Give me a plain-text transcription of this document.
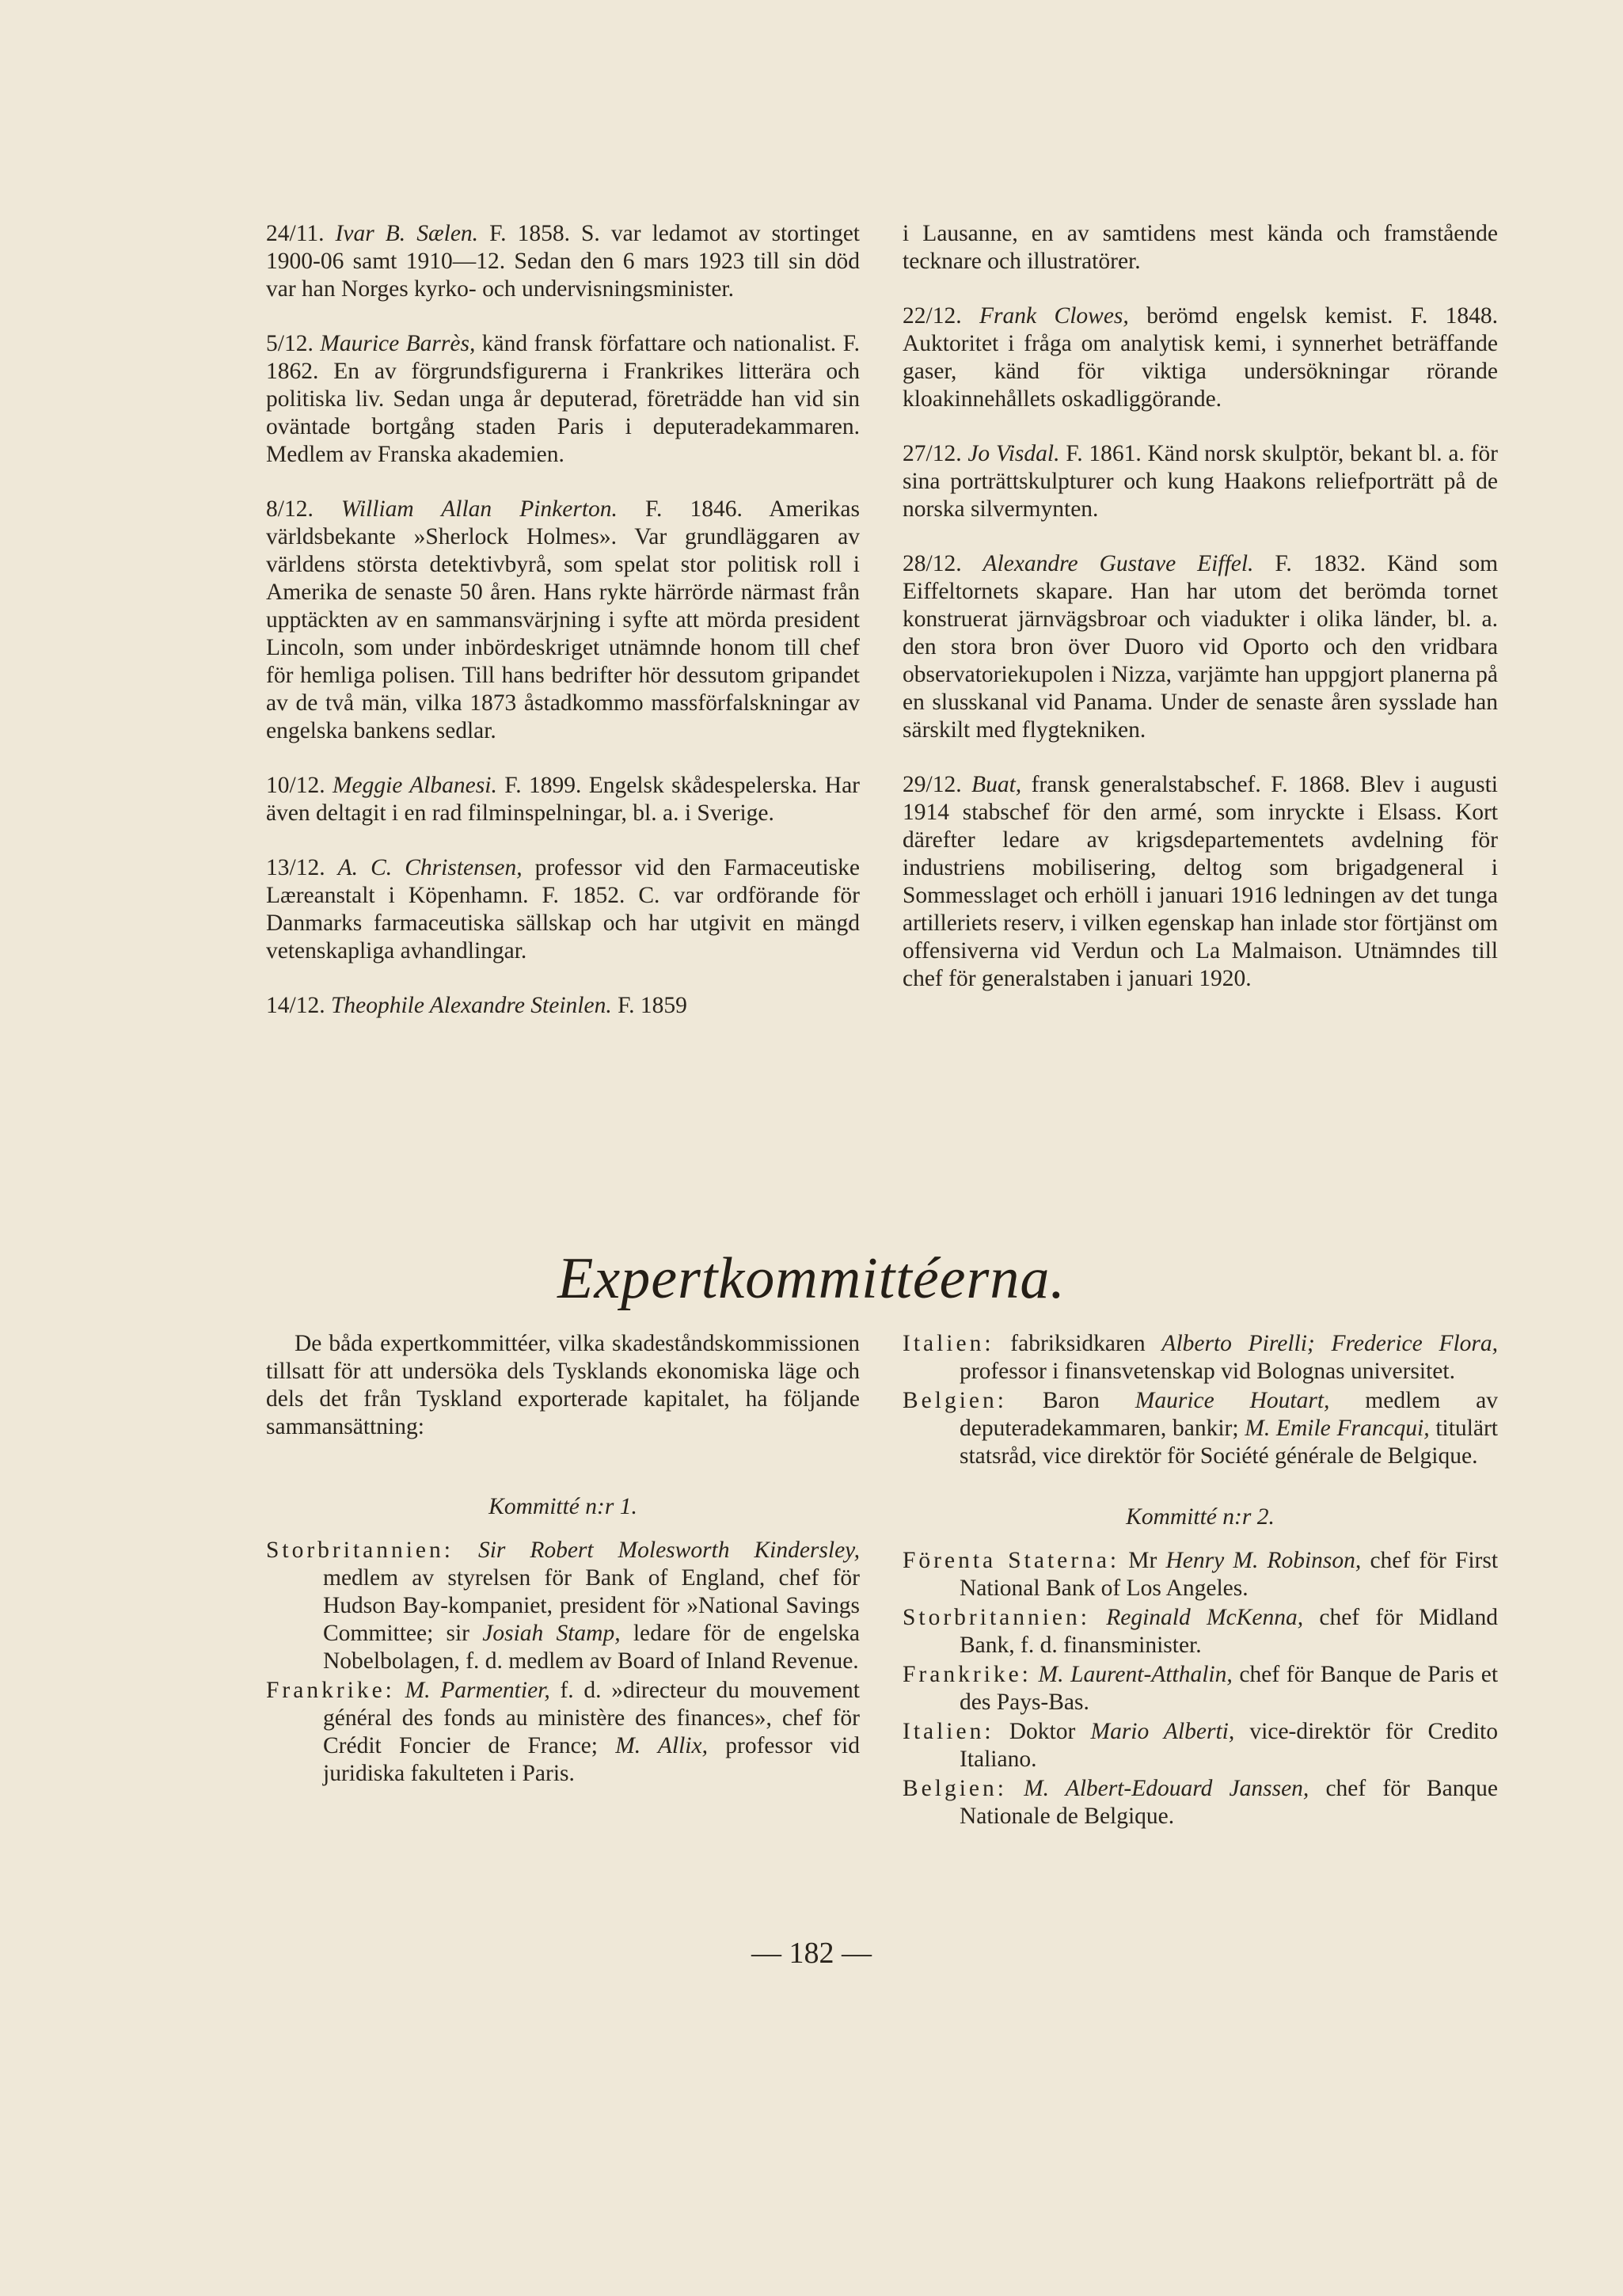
24/11. Ivar B. Sælen. F. 1858. S. var ledamot av stortinget 1900-06 samt 1910—12. Sedan den 6 mars 1923 till sin död var han Norges kyrko- och undervisningsminister.

5/12. Maurice Barrès, känd fransk författare och nationalist. F. 1862. En av förgrundsfigurerna i Frankrikes litterära och politiska liv. Sedan unga år deputerad, företrädde han vid sin oväntade bortgång staden Paris i deputeradekammaren. Medlem av Franska akademien.

8/12. William Allan Pinkerton. F. 1846. Amerikas världsbekante »Sherlock Holmes». Var grundläggaren av världens största detektivbyrå, som spelat stor politisk roll i Amerika de senaste 50 åren. Hans rykte härrörde närmast från upptäckten av en sammansvärjning i syfte att mörda president Lincoln, som under inbördeskriget utnämnde honom till chef för hemliga polisen. Till hans bedrifter hör dessutom gripandet av de två män, vilka 1873 åstadkommo massförfalskningar av engelska bankens sedlar.

10/12. Meggie Albanesi. F. 1899. Engelsk skådespelerska. Har även deltagit i en rad filminspelningar, bl. a. i Sverige.

13/12. A. C. Christensen, professor vid den Farmaceutiske Læreanstalt i Köpenhamn. F. 1852. C. var ordförande för Danmarks farmaceutiska sällskap och har utgivit en mängd vetenskapliga avhandlingar.

14/12. Theophile Alexandre Steinlen. F. 1859

i Lausanne, en av samtidens mest kända och framstående tecknare och illustratörer.

22/12. Frank Clowes, berömd engelsk kemist. F. 1848. Auktoritet i fråga om analytisk kemi, i synnerhet beträffande gaser, känd för viktiga undersökningar rörande kloakinnehållets oskadliggörande.

27/12. Jo Visdal. F. 1861. Känd norsk skulptör, bekant bl. a. för sina porträttskulpturer och kung Haakons reliefporträtt på de norska silvermynten.

28/12. Alexandre Gustave Eiffel. F. 1832. Känd som Eiffeltornets skapare. Han har utom det berömda tornet konstruerat järnvägsbroar och viadukter i olika länder, bl. a. den stora bron över Duoro vid Oporto och den vridbara observatoriekupolen i Nizza, varjämte han uppgjort planerna på en slusskanal vid Panama. Under de senaste åren sysslade han särskilt med flygtekniken.

29/12. Buat, fransk generalstabschef. F. 1868. Blev i augusti 1914 stabschef för den armé, som inryckte i Elsass. Kort därefter ledare av krigsdepartementets avdelning för industriens mobilisering, deltog som brigadgeneral i Sommesslaget och erhöll i januari 1916 ledningen av det tunga artilleriets reserv, i vilken egenskap han inlade stor förtjänst om offensiverna vid Verdun och La Malmaison. Utnämndes till chef för generalstaben i januari 1920.

Expertkommittéerna.

De båda expertkommittéer, vilka skadeståndskommissionen tillsatt för att undersöka dels Tysklands ekonomiska läge och dels det från Tyskland exporterade kapitalet, ha följande sammansättning:

Kommitté n:r 1.

Storbritannien: Sir Robert Molesworth Kindersley, medlem av styrelsen för Bank of England, chef för Hudson Bay-kompaniet, president för »National Savings Committee; sir Josiah Stamp, ledare för de engelska Nobelbolagen, f. d. medlem av Board of Inland Revenue.

Frankrike: M. Parmentier, f. d. »directeur du mouvement général des fonds au ministère des finances», chef för Crédit Foncier de France; M. Allix, professor vid juridiska fakulteten i Paris.

Italien: fabriksidkaren Alberto Pirelli; Frederice Flora, professor i finansvetenskap vid Bolognas universitet.

Belgien: Baron Maurice Houtart, medlem av deputeradekammaren, bankir; M. Emile Francqui, titulärt statsråd, vice direktör för Société générale de Belgique.

Kommitté n:r 2.

Förenta Staterna: Mr Henry M. Robinson, chef för First National Bank of Los Angeles.

Storbritannien: Reginald McKenna, chef för Midland Bank, f. d. finansminister.

Frankrike: M. Laurent-Atthalin, chef för Banque de Paris et des Pays-Bas.

Italien: Doktor Mario Alberti, vice-direktör för Credito Italiano.

Belgien: M. Albert-Edouard Janssen, chef för Banque Nationale de Belgique.

— 182 —
